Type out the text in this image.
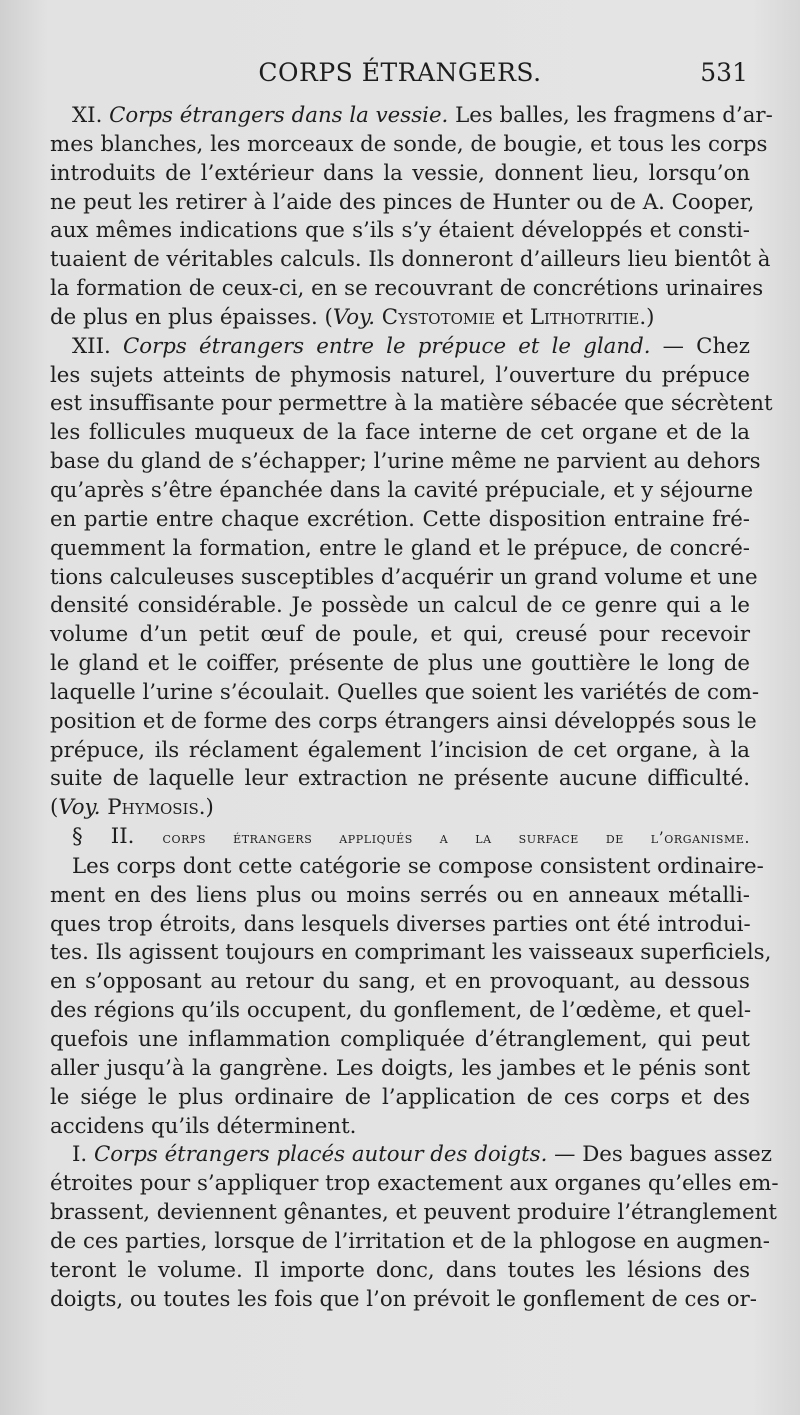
CORPS ÉTRANGERS.	531
XI. Corps étrangers dans la vessie. Les balles, les fragmens d’ar-
mes blanches, les morceaux de sonde, de bougie, et tous les corps
introduits de l’extérieur dans la vessie, donnent lieu, lorsqu’on
ne peut les retirer à l’aide des pinces de Hunter ou de A. Cooper,
aux mêmes indications que s’ils s’y étaient développés et consti-
tuaient de véritables calculs. Ils donneront d’ailleurs lieu bientôt à
la formation de ceux-ci, en se recouvrant de concrétions urinaires
de plus en plus épaisses. (Voy. Cystotomie et Lithotritie.)
XII. Corps étrangers entre le prépuce et le gland. — Chez
les sujets atteints de phymosis naturel, l’ouverture du prépuce
est insuffisante pour permettre à la matière sébacée que sécrètent
les follicules muqueux de la face interne de cet organe et de la
base du gland de s’échapper; l’urine même ne parvient au dehors
qu’après s’être épanchée dans la cavité prépuciale, et y séjourne
en partie entre chaque excrétion. Cette disposition entraine fré-
quemment la formation, entre le gland et le prépuce, de concré-
tions calculeuses susceptibles d’acquérir un grand volume et une
densité considérable. Je possède un calcul de ce genre qui a le
volume d’un petit œuf de poule, et qui, creusé pour recevoir
le gland et le coiffer, présente de plus une gouttière le long de
laquelle l’urine s’écoulait. Quelles que soient les variétés de com-
position et de forme des corps étrangers ainsi développés sous le
prépuce, ils réclament également l’incision de cet organe, à la
suite de laquelle leur extraction ne présente aucune difficulté.
(Voy. Phymosis.)
§ II. corps étrangers appliqués a la surface de l’organisme.
Les corps dont cette catégorie se compose consistent ordinaire-
ment en des liens plus ou moins serrés ou en anneaux métalli-
ques trop étroits, dans lesquels diverses parties ont été introdui-
tes. Ils agissent toujours en comprimant les vaisseaux superficiels,
en s’opposant au retour du sang, et en provoquant, au dessous
des régions qu’ils occupent, du gonflement, de l’œdème, et quel-
quefois une inflammation compliquée d’étranglement, qui peut
aller jusqu’à la gangrène. Les doigts, les jambes et le pénis sont
le siége le plus ordinaire de l’application de ces corps et des
accidens qu’ils déterminent.
I. Corps étrangers placés autour des doigts. — Des bagues assez
étroites pour s’appliquer trop exactement aux organes qu’elles em-
brassent, deviennent gênantes, et peuvent produire l’étranglement
de ces parties, lorsque de l’irritation et de la phlogose en augmen-
teront le volume. Il importe donc, dans toutes les lésions des
doigts, ou toutes les fois que l’on prévoit le gonflement de ces or-
